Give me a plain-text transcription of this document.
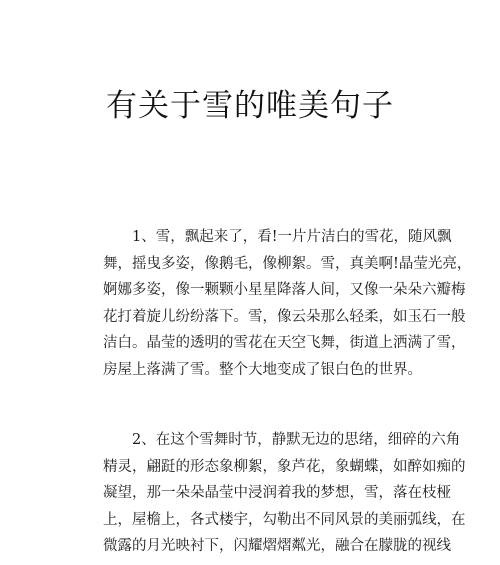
有关于雪的唯美句子
1、雪，飘起来了，看!一片片洁白的雪花，随风飘
舞，摇曳多姿，像鹅毛，像柳絮。雪，真美啊!晶莹光亮，
婀娜多姿，像一颗颗小星星降落人间，又像一朵朵六瓣梅
花打着旋儿纷纷落下。雪，像云朵那么轻柔，如玉石一般
洁白。晶莹的透明的雪花在天空飞舞，街道上洒满了雪，
房屋上落满了雪。整个大地变成了银白色的世界。
2、在这个雪舞时节，静默无边的思绪，细碎的六角
精灵，翩跹的形态象柳絮，象芦花，象蝴蝶，如醉如痴的
凝望，那一朵朵晶莹中浸润着我的梦想，雪，落在枝桠
上，屋檐上，各式楼宇，勾勒出不同风景的美丽弧线，在
微露的月光映衬下，闪耀熠熠粼光，融合在朦胧的视线
